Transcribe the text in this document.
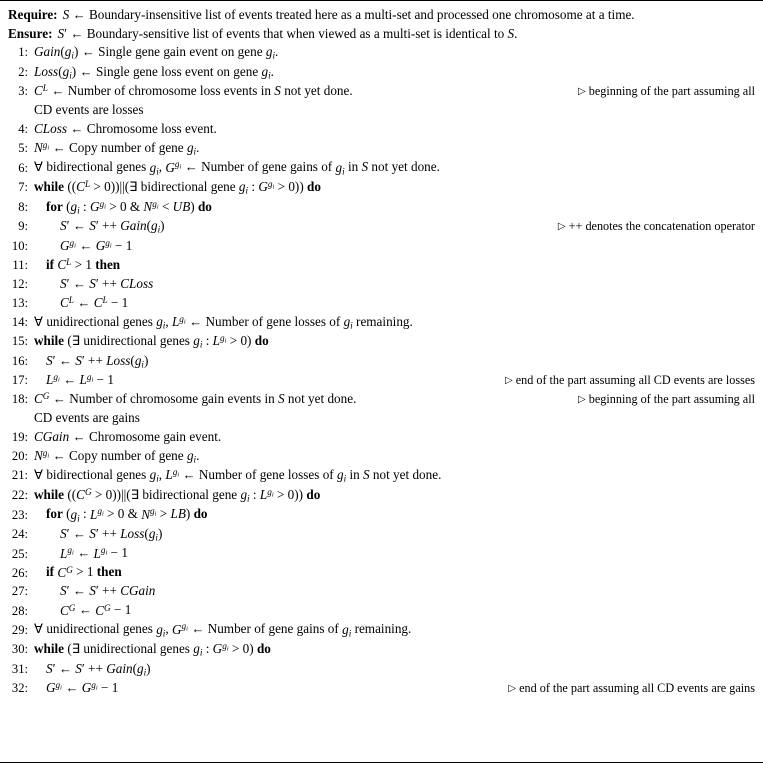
Require: S ← Boundary-insensitive list of events treated here as a multi-set and processed one chromosome at a time.
Ensure: S′ ← Boundary-sensitive list of events that when viewed as a multi-set is identical to S.
1: $Gain(g_i)$ ← Single gene gain event on gene $g_i$.
2: $Loss(g_i)$ ← Single gene loss event on gene $g_i$.
3: $C^L$ ← Number of chromosome loss events in S not yet done.	▷ beginning of the part assuming all
CD events are losses
4: CLoss ← Chromosome loss event.
5: $N^{g_i}$ ← Copy number of gene $g_i$.
6: ∀ bidirectional genes $g_i$, $G^{g_i}$ ← Number of gene gains of $g_i$ in S not yet done.
7: while (($C^L$ > 0))||(∃ bidirectional gene $g_i$ : $G^{g_i} > 0$)) do
8:	for ($g_i$ : $G^{g_i} > 0$ & $N^{g_i} < UB$) do
9:	S′ ← $S' ++ Gain(g_i)$	▷ ++ denotes the concatenation operator
10:	$G^{g_i}$ ← $G^{g_i} - 1$
11:	if $C^L > 1$ then
12:	S′ ← S′ ++ CLoss
13:	$C^L$ ← $C^L - 1$
14: ∀ unidirectional genes $g_i$, $L^{g_i}$ ← Number of gene losses of $g_i$ remaining.
15: while (∃ unidirectional genes $g_i$ : $L^{g_i} > 0$) do
16:	S′ ← $S' ++ Loss(g_i)$
17:	$L^{g_i}$ ← $L^{g_i} - 1$	▷ end of the part assuming all CD events are losses
18: $C^G$ ← Number of chromosome gain events in S not yet done.	▷ beginning of the part assuming all
CD events are gains
19: CGain ← Chromosome gain event.
20: $N^{g_i}$ ← Copy number of gene $g_i$.
21: ∀ bidirectional genes $g_i$, $L^{g_i}$ ← Number of gene losses of $g_i$ in S not yet done.
22: while (($C^G$ > 0))||(∃ bidirectional gene $g_i$ : $L^{g_i} > 0$)) do
23:	for ($g_i$ : $L^{g_i} > 0$ & $N^{g_i} > LB$) do
24:	S′ ← $S' ++ Loss(g_i)$
25:	$L^{g_i}$ ← $L^{g_i} - 1$
26:	if $C^G > 1$ then
27:	S′ ← S′ ++ CGain
28:	$C^G$ ← $C^G - 1$
29: ∀ unidirectional genes $g_i$, $G^{g_i}$ ← Number of gene gains of $g_i$ remaining.
30: while (∃ unidirectional genes $g_i$ : $G^{g_i} > 0$) do
31:	S′ ← $S' ++ Gain(g_i)$
32:	$G^{g_i}$ ← $G^{g_i} - 1$	▷ end of the part assuming all CD events are gains
